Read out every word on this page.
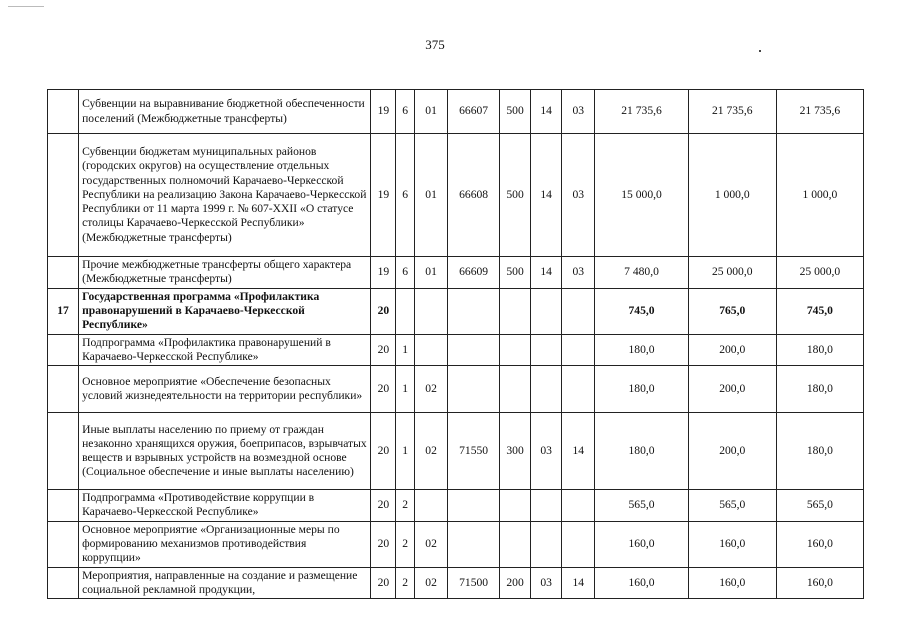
375
	Субвенции на выравнивание бюджетной обеспеченности поселений (Межбюджетные трансферты)	19	6	01	66607	500	14	03	21 735,6	21 735,6	21 735,6
	Субвенции бюджетам муниципальных районов (городских округов) на осуществление отдельных государственных полномочий Карачаево-Черкесской Республики на реализацию Закона Карачаево-Черкесской Республики от 11 марта 1999 г. № 607-XXII «О статусе столицы Карачаево-Черкесской Республики» (Межбюджетные трансферты)	19	6	01	66608	500	14	03	15 000,0	1 000,0	1 000,0
	Прочие межбюджетные трансферты общего характера (Межбюджетные трансферты)	19	6	01	66609	500	14	03	7 480,0	25 000,0	25 000,0
17	Государственная программа «Профилактика правонарушений в Карачаево-Черкесской Республике»	20							745,0	765,0	745,0
	Подпрограмма «Профилактика правонарушений в Карачаево-Черкесской Республике»	20	1						180,0	200,0	180,0
	Основное мероприятие «Обеспечение безопасных условий жизнедеятельности на территории республики»	20	1	02					180,0	200,0	180,0
	Иные выплаты населению по приему от граждан незаконно хранящихся оружия, боеприпасов, взрывчатых веществ и взрывных устройств на возмездной основе (Социальное обеспечение и иные выплаты населению)	20	1	02	71550	300	03	14	180,0	200,0	180,0
	Подпрограмма «Противодействие коррупции в Карачаево-Черкесской Республике»	20	2						565,0	565,0	565,0
	Основное мероприятие «Организационные меры по формированию механизмов противодействия коррупции»	20	2	02					160,0	160,0	160,0
	Мероприятия, направленные на создание и размещение социальной рекламной продукции,	20	2	02	71500	200	03	14	160,0	160,0	160,0
